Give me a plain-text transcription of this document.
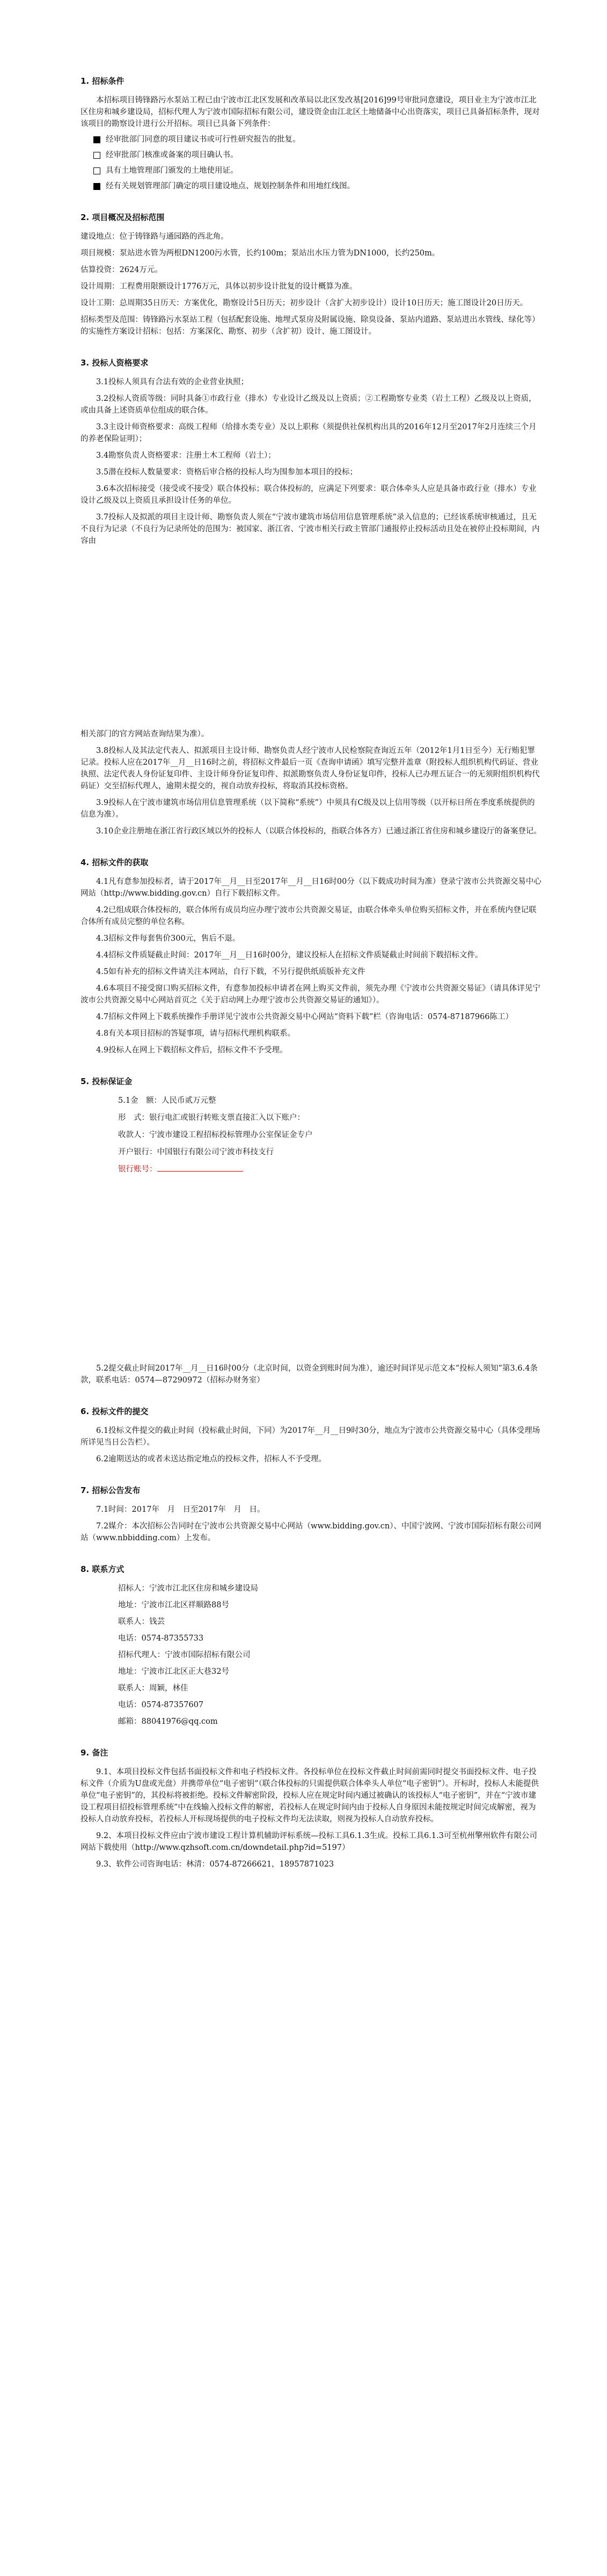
1. 招标条件

本招标项目铸锋路污水泵站工程已由宁波市江北区发展和改革局以北区发改基[2016]99号审批同意建设，项目业主为宁波市江北区住房和城乡建设局，招标代理人为宁波市国际招标有限公司，建设资金由江北区土地储备中心出资落实，项目已具备招标条件，现对该项目的勘察设计进行公开招标。项目已具备下列条件：

经审批部门同意的项目建议书或可行性研究报告的批复。
经审批部门核准或备案的项目确认书。
具有土地管理部门颁发的土地使用证。
经有关规划管理部门确定的项目建设地点、规划控制条件和用地红线图。
2. 项目概况及招标范围

建设地点：位于铸锋路与通园路的西北角。

项目规模：泵站进水管为两根DN1200污水管，长约100m；泵站出水压力管为DN1000，长约250m。

估算投资：2624万元。

设计周期：工程费用限额设计1776万元，具体以初步设计批复的设计概算为准。

设计工期：总周期35日历天：方案优化，勘察设计5日历天；初步设计（含扩大初步设计）设计10日历天；施工图设计20日历天。

招标类型及范围：铸锋路污水泵站工程（包括配套设施、地埋式泵房及附属设施、除臭设备、泵站内道路、泵站进出水管线、绿化等）的实施性方案设计招标：包括：方案深化、勘察、初步（含扩初）设计、施工图设计。

3. 投标人资格要求

3.1投标人须具有合法有效的企业营业执照；

3.2投标人资质等级：同时具备①市政行业（排水）专业设计乙级及以上资质；②工程勘察专业类（岩土工程）乙级及以上资质，或由具备上述资质单位组成的联合体。

3.3主设计师资格要求：高级工程师（给排水类专业）及以上职称（须提供社保机构出具的2016年12月至2017年2月连续三个月的养老保险证明）；

3.4勘察负责人资格要求：注册土木工程师（岩土）；

3.5潜在投标人数量要求：资格后审合格的投标人均为围参加本项目的投标；

3.6本次招标接受（接受或不接受）联合体投标；联合体投标的，应满足下列要求：联合体牵头人应是具备市政行业（排水）专业设计乙级及以上资质且承担设计任务的单位。

3.7投标人及拟派的项目主设计师、勘察负责人须在“宁波市建筑市场信用信息管理系统”录入信息的；已经该系统审核通过，且无不良行为记录（不良行为记录所处的范围为：被国家、浙江省、宁波市相关行政主管部门通报停止投标活动且处在被停止投标期间，内容由

相关部门的官方网站查询结果为准）。

3.8投标人及其法定代表人、拟派项目主设计师、勘察负责人经宁波市人民检察院查询近五年（2012年1月1日至今）无行贿犯罪记录。投标人应在2017年__月__日16时之前，将招标文件最后一页《查询申请函》填写完整并盖章（附投标人组织机构代码证、营业执照、法定代表人身份证复印件、主设计师身份证复印件、拟派勘察负责人身份证复印件，投标人已办理五证合一的无须附组织机构代码证）交至招标代理人，逾期未提交的，视自动放弃投标，将取消其投标资格。

3.9投标人在宁波市建筑市场信用信息管理系统（以下简称“系统”）中须具有C级及以上信用等级（以开标日所在季度系统提供的信息为准）。

3.10企业注册地在浙江省行政区域以外的投标人（以联合体投标的，指联合体各方）已通过浙江省住房和城乡建设厅的备案登记。

4. 招标文件的获取

4.1凡有意参加投标者，请于2017年__月__日至2017年__月__日16时00分（以下载成功时间为准）登录宁波市公共资源交易中心网站（http://www.bidding.gov.cn）自行下载招标文件。

4.2已组成联合体投标的，联合体所有成员均应办理宁波市公共资源交易证，由联合体牵头单位购买招标文件，并在系统内登记联合体所有成员完整的单位名称。

4.3招标文件每套售价300元，售后不退。

4.4招标文件质疑截止时间：2017年__月__日16时00分，建议投标人在招标文件质疑截止时间前下载招标文件。

4.5如有补充的招标文件请关注本网站，自行下载，不另行提供纸质版补充文件

4.6本项目不接受窗口购买招标文件，有意参加投标申请者在网上购买文件前，须先办理《宁波市公共资源交易证》（请具体详见宁波市公共资源交易中心网站首页之《关于启动网上办理宁波市公共资源交易证的通知》）。

4.7招标文件网上下载系统操作手册详见宁波市公共资源交易中心网站“资料下载”栏（咨询电话：0574-87187966陈工）

4.8有关本项目招标的答疑事项，请与招标代理机构联系。

4.9投标人在网上下载招标文件后，招标文件不予受理。

5. 投标保证金

5.1金　额：人民币贰万元整

形　式：银行电汇或银行转账支票直接汇入以下账户：

收款人：宁波市建设工程招标投标管理办公室保证金专户

开户银行：中国银行有限公司宁波市科技支行

银行账号：

5.2提交截止时间2017年__月__日16时00分（北京时间，以资金到账时间为准），逾还时间详见示范文本“投标人须知”第3.6.4条款，联系电话：0574—87290972（招标办财务室）

6. 投标文件的提交

6.1投标文件提交的截止时间（投标截止时间，下同）为2017年__月__日9时30分，地点为宁波市公共资源交易中心（具体受理场所详见当日公告栏）。

6.2逾期送达的或者未送达指定地点的投标文件，招标人不予受理。

7. 招标公告发布

7.1时间：2017年　月　日至2017年　月　日。

7.2媒介：本次招标公告同时在宁波市公共资源交易中心网站（www.bidding.gov.cn）、中国宁波网、宁波市国际招标有限公司网站（www.nbbidding.com）上发布。

8. 联系方式

招标人：宁波市江北区住房和城乡建设局

地址：宁波市江北区祥顺路88号

联系人：钱芸

电话：0574-87355733

招标代理人：宁波市国际招标有限公司

地址：宁波市江北区正大巷32号

联系人：周颖，林佳

电话：0574-87357607

邮箱：88041976@qq.com

9. 备注

9.1、本项目投标文件包括书面投标文件和电子档投标文件。各投标单位在投标文件截止时间前需同时提交书面投标文件、电子投标文件（介质为U盘或光盘）并携带单位“电子密钥”（联合体投标的只需提供联合体牵头人单位“电子密钥”）。开标时，投标人未能提供单位“电子密钥”的，其投标将被拒绝。投标文件解密阶段，投标人应在规定时间内通过被确认的该投标人“电子密钥”，并在“宁波市建设工程项目招投标管理系统”中在线输入投标文件的解密，若投标人在规定时间内由于投标人自身原因未能按规定时间完成解密，视为投标人自动放弃投标，若投标人开标现场提供的电子投标文件均无法读取，则视为投标人自动放弃投标。

9.2、本项目投标文件应由宁波市建设工程计算机辅助评标系统—投标工具6.1.3生成。投标工具6.1.3可至杭州擎州软件有限公司网站下载使用（http://www.qzhsoft.com.cn/downdetail.php?id=5197）

9.3、软件公司咨询电话：林清：0574-87266621，18957871023
